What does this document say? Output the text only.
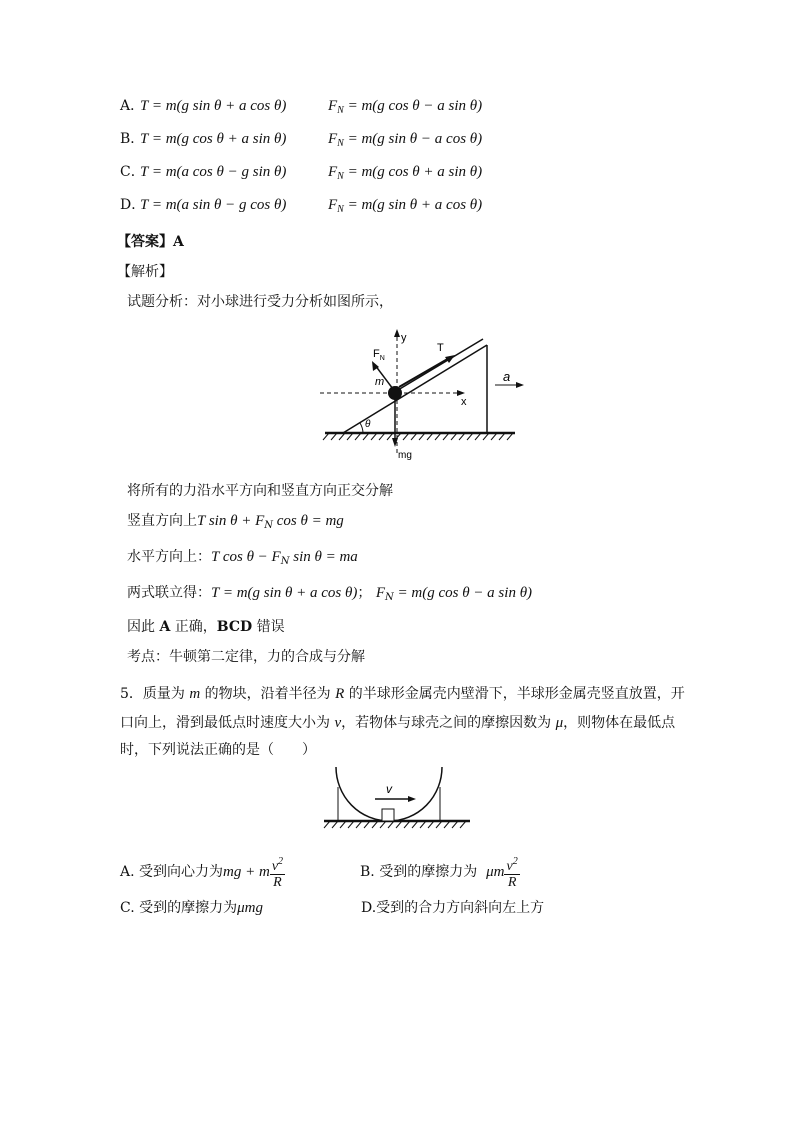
A．T = m(g sin θ + a cos θ)	$F_N = m(g$ cos θ − a sin θ)
B．T = m(g cos θ + a sin θ)	$F_N = m(g$ sin θ − a cos θ)
C．T = m(a cos θ − g sin θ)	$F_N = m(g$ cos θ + a sin θ)
D．T = m(a sin θ − g cos θ)	$F_N = m(g$ sin θ + a cos θ)
【答案】A
【解析】
试题分析：对小球进行受力分析如图所示，
$F_N$
y
T
m	a
x
θ
mg
将所有的力沿水平方向和竖直方向正交分解
竖直方向上T $\sin \theta + F_N$ cos θ = mg
水平方向上：T $\cos \theta - F_N$ sin θ = ma
两式联立得：T = m(g sin θ + a cos θ)； $F_N = m(g$ cos θ − a sin θ)
因此 A 正确，BCD 错误
考点：牛顿第二定律，力的合成与分解
5．质量为 m 的物块，沿着半径为 R 的半球形金属壳内壁滑下，半球形金属壳竖直放置，开
口向上，滑到最低点时速度大小为 v，若物体与球壳之间的摩擦因数为 μ，则物体在最低点
时，下列说法正确的是（　　）
v
A. 受到向心力为mg + m $\frac{v^2}{R}$	B. 受到的摩擦力为 μm $\frac{v^2}{R}$
C. 受到的摩擦力为μmg	D.受到的合力方向斜向左上方
